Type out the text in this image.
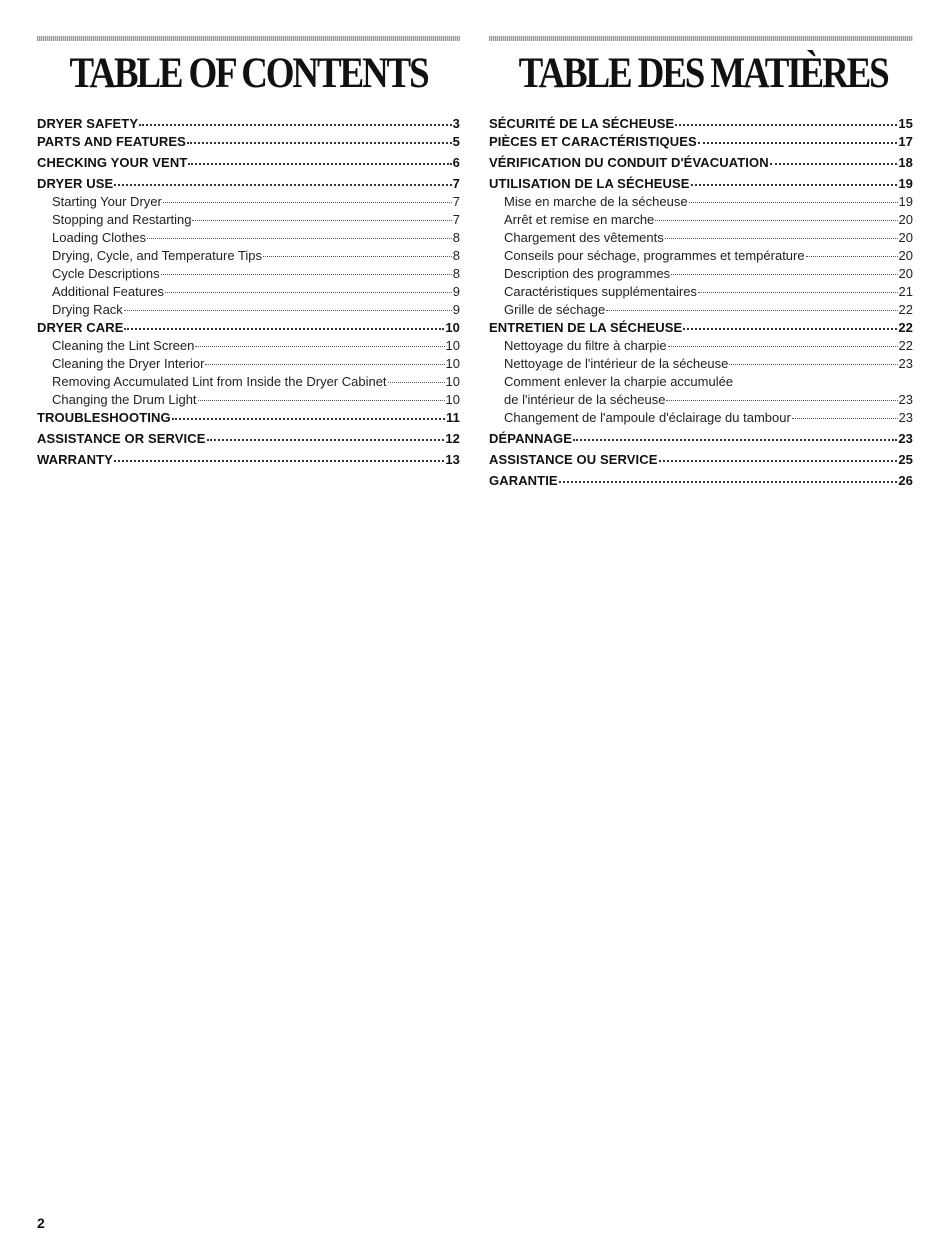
TABLE OF CONTENTS
DRYER SAFETY	3
PARTS AND FEATURES	5
CHECKING YOUR VENT	6
DRYER USE	7
Starting Your Dryer	7
Stopping and Restarting	7
Loading Clothes	8
Drying, Cycle, and Temperature Tips	8
Cycle Descriptions	8
Additional Features	9
Drying Rack	9
DRYER CARE	10
Cleaning the Lint Screen	10
Cleaning the Dryer Interior	10
Removing Accumulated Lint from Inside the Dryer Cabinet	10
Changing the Drum Light	10
TROUBLESHOOTING	11
ASSISTANCE OR SERVICE	12
WARRANTY	13
TABLE DES MATIÈRES
SÉCURITÉ DE LA SÉCHEUSE	15
PIÈCES ET CARACTÉRISTIQUES	17
VÉRIFICATION DU CONDUIT D'ÉVACUATION	18
UTILISATION DE LA SÉCHEUSE	19
Mise en marche de la sécheuse	19
Arrêt et remise en marche	20
Chargement des vêtements	20
Conseils pour séchage, programmes et température	20
Description des programmes	20
Caractéristiques supplémentaires	21
Grille de séchage	22
ENTRETIEN DE LA SÉCHEUSE	22
Nettoyage du filtre à charpie	22
Nettoyage de l'intérieur de la sécheuse	23
Comment enlever la charpie accumulée
de l'intérieur de la sécheuse	23
Changement de l'ampoule d'éclairage du tambour	23
DÉPANNAGE	23
ASSISTANCE OU SERVICE	25
GARANTIE	26
2
